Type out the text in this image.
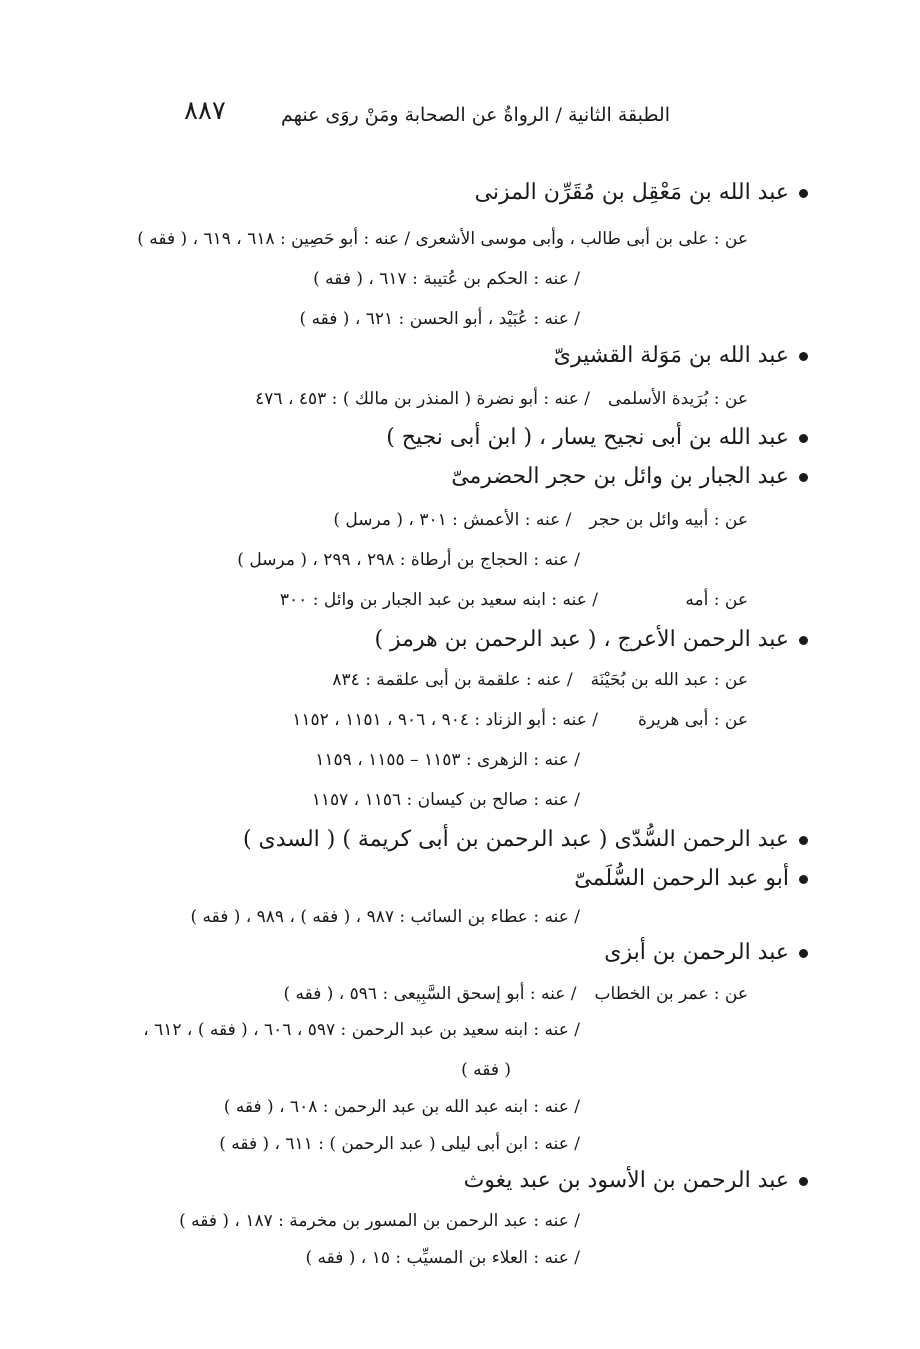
الطبقة الثانية / الرواةُ عن الصحابة ومَنْ روَى عنهم
٨٨٧
عبد الله بن مَعْقِل بن مُقَرِّن المزنى
عن : على بن أبى طالب ، وأبى موسى الأشعرى / عنه : أبو حَصِين : ٦١٨ ، ٦١٩ ، ( فقه )
/ عنه : الحكم بن عُتيبة : ٦١٧ ، ( فقه )
/ عنه : عُبَيْد ، أبو الحسن : ٦٢١ ، ( فقه )
عبد الله بن مَوَلة القشيرىّ
عن : بُرَيدة الأسلمى/ عنه : أبو نضرة ( المنذر بن مالك ) : ٤٥٣ ، ٤٧٦
عبد الله بن أبى نجيح يسار ، ( ابن أبى نجيح )
عبد الجبار بن وائل بن حجر الحضرمىّ
عن : أبيه وائل بن حجر/ عنه : الأعمش : ٣٠١ ، ( مرسل )
/ عنه : الحجاج بن أرطاة : ٢٩٨ ، ٢٩٩ ، ( مرسل )
عن : أمه/ عنه : ابنه سعيد بن عبد الجبار بن وائل : ٣٠٠
عبد الرحمن الأعرج ، ( عبد الرحمن بن هرمز )
عن : عبد الله بن بُحَيْنَة/ عنه : علقمة بن أبى علقمة : ٨٣٤
عن : أبى هريرة/ عنه : أبو الزناد : ٩٠٤ ، ٩٠٦ ، ١١٥١ ، ١١٥٢
/ عنه : الزهرى : ١١٥٣ – ١١٥٥ ، ١١٥٩
/ عنه : صالح بن كيسان : ١١٥٦ ، ١١٥٧
عبد الرحمن السُّدّى ( عبد الرحمن بن أبى كريمة ) ( السدى )
أبو عبد الرحمن السُّلَمىّ
/ عنه : عطاء بن السائب : ٩٨٧ ، ( فقه ) ، ٩٨٩ ، ( فقه )
عبد الرحمن بن أبزى
عن : عمر بن الخطاب/ عنه : أبو إسحق السَّبِيعى : ٥٩٦ ، ( فقه )
/ عنه : ابنه سعيد بن عبد الرحمن : ٥٩٧ ، ٦٠٦ ، ( فقه ) ، ٦١٢ ،
( فقه )
/ عنه : ابنه عبد الله بن عبد الرحمن : ٦٠٨ ، ( فقه )
/ عنه : ابن أبى ليلى ( عبد الرحمن ) : ٦١١ ، ( فقه )
عبد الرحمن بن الأسود بن عبد يغوث
/ عنه : عبد الرحمن بن المسور بن مخرمة : ١٨٧ ، ( فقه )
/ عنه : العلاء بن المسيِّب : ١٥ ، ( فقه )
